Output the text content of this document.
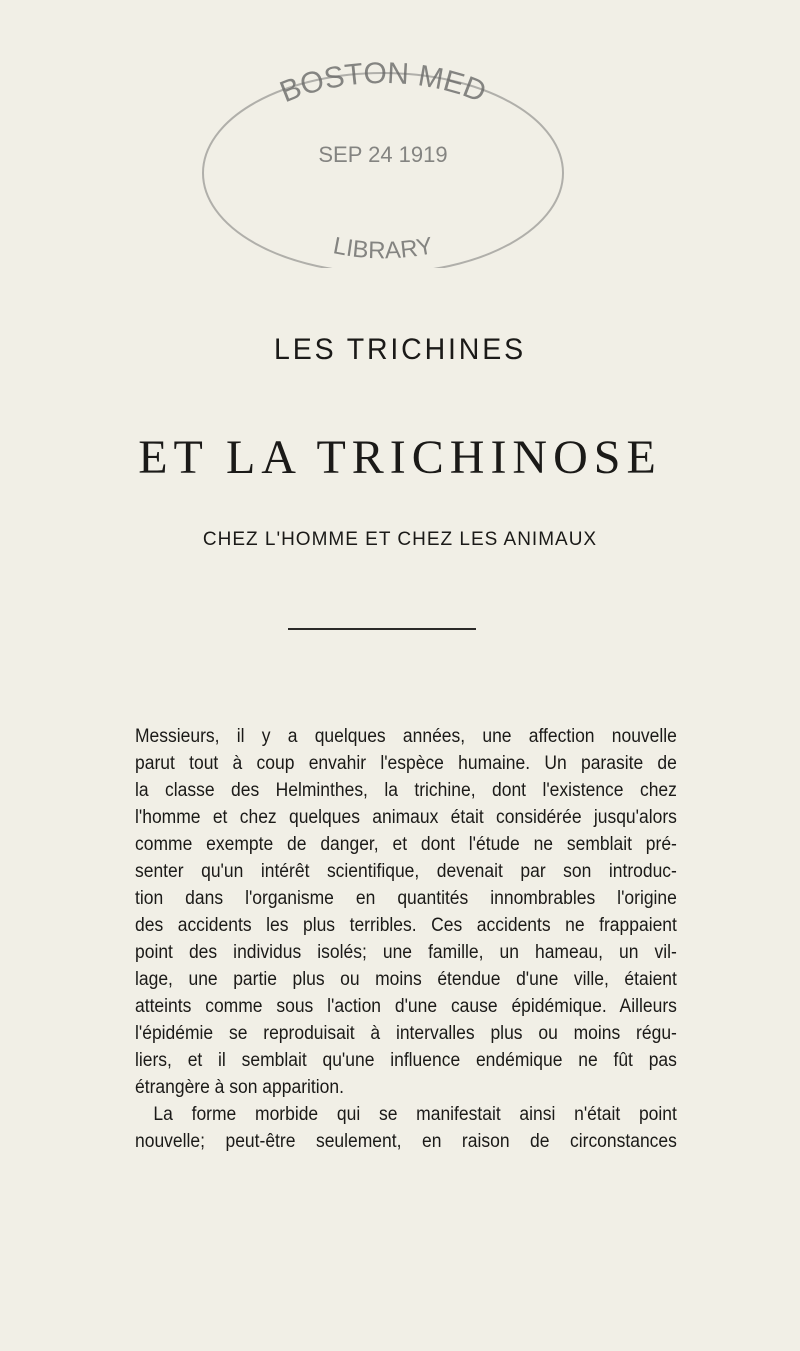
BOSTON MED
SEP 24 1919
LIBRARY
LES TRICHINES
ET LA TRICHINOSE
CHEZ L'HOMME ET CHEZ LES ANIMAUX
Messieurs, il y a quelques années, une affection nouvelle
parut tout à coup envahir l'espèce humaine. Un parasite de
la classe des Helminthes, la trichine, dont l'existence chez
l'homme et chez quelques animaux était considérée jusqu'alors
comme exempte de danger, et dont l'étude ne semblait pré-
senter qu'un intérêt scientifique, devenait par son introduc-
tion dans l'organisme en quantités innombrables l'origine
des accidents les plus terribles. Ces accidents ne frappaient
point des individus isolés; une famille, un hameau, un vil-
lage, une partie plus ou moins étendue d'une ville, étaient
atteints comme sous l'action d'une cause épidémique. Ailleurs
l'épidémie se reproduisait à intervalles plus ou moins régu-
liers, et il semblait qu'une influence endémique ne fût pas
étrangère à son apparition.
La forme morbide qui se manifestait ainsi n'était point
nouvelle; peut-être seulement, en raison de circonstances
